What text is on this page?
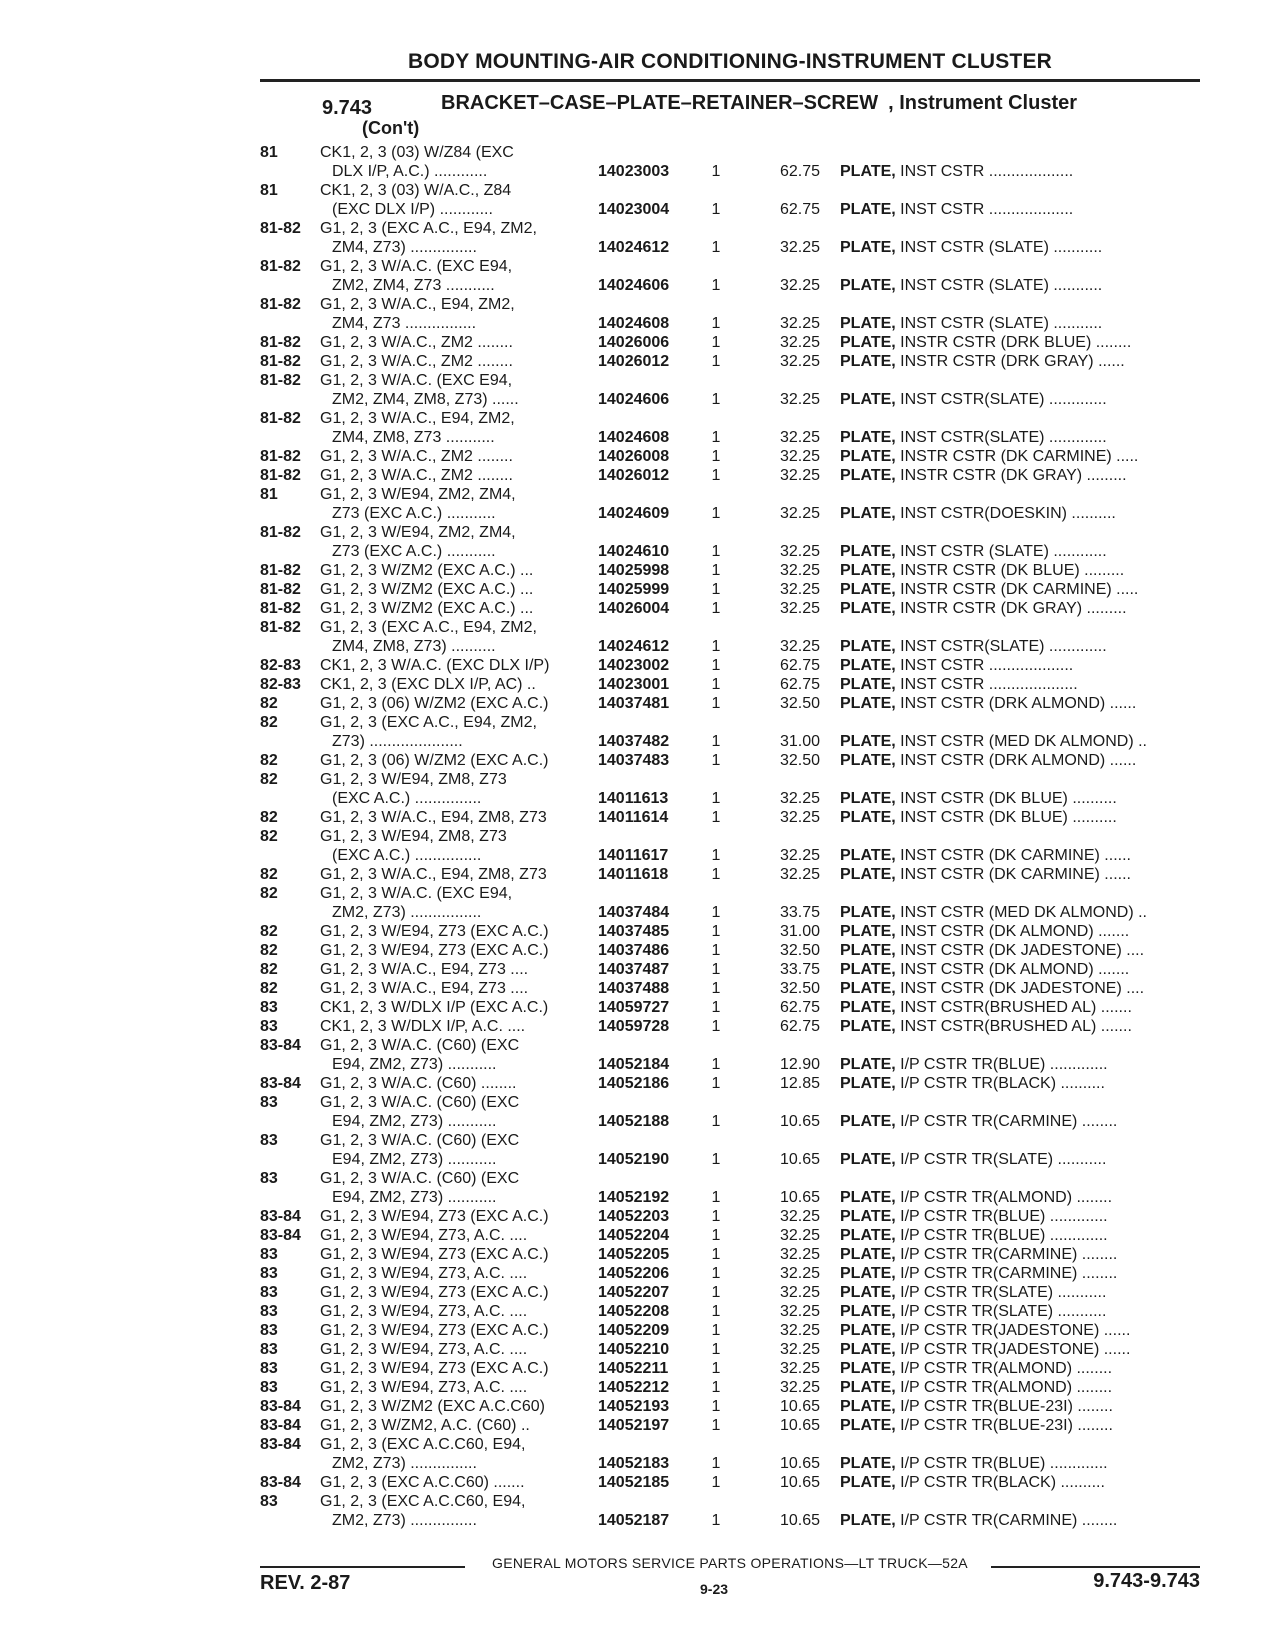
BODY MOUNTING-AIR CONDITIONING-INSTRUMENT CLUSTER
9.743	BRACKET–CASE–PLATE–RETAINER–SCREW , Instrument Cluster
(Con't)
81	CK1, 2, 3 (03) W/Z84 (EXC
DLX I/P, A.C.) ............	14023003	1	62.75 PLATE, INST CSTR ...................
81	CK1, 2, 3 (03) W/A.C., Z84
(EXC DLX I/P) ............	14023004	1	62.75 PLATE, INST CSTR ...................
81-82	G1, 2, 3 (EXC A.C., E94, ZM2,
ZM4, Z73) ...............	14024612	1	32.25 PLATE, INST CSTR (SLATE) ...........
81-82	G1, 2, 3 W/A.C. (EXC E94,
ZM2, ZM4, Z73 ...........	14024606	1	32.25 PLATE, INST CSTR (SLATE) ...........
81-82	G1, 2, 3 W/A.C., E94, ZM2,
ZM4, Z73 ................	14024608	1	32.25 PLATE, INST CSTR (SLATE) ...........
81-82	G1, 2, 3 W/A.C., ZM2 ........	14026006	1	32.25 PLATE, INSTR CSTR (DRK BLUE) ........
81-82	G1, 2, 3 W/A.C., ZM2 ........	14026012	1	32.25 PLATE, INSTR CSTR (DRK GRAY) ......
81-82	G1, 2, 3 W/A.C. (EXC E94,
ZM2, ZM4, ZM8, Z73) ......	14024606	1	32.25 PLATE, INST CSTR(SLATE) .............
81-82	G1, 2, 3 W/A.C., E94, ZM2,
ZM4, ZM8, Z73 ...........	14024608	1	32.25 PLATE, INST CSTR(SLATE) .............
81-82	G1, 2, 3 W/A.C., ZM2 ........	14026008	1	32.25 PLATE, INSTR CSTR (DK CARMINE) .....
81-82	G1, 2, 3 W/A.C., ZM2 ........	14026012	1	32.25 PLATE, INSTR CSTR (DK GRAY) .........
81	G1, 2, 3 W/E94, ZM2, ZM4,
Z73 (EXC A.C.) ...........	14024609	1	32.25 PLATE, INST CSTR(DOESKIN) ..........
81-82	G1, 2, 3 W/E94, ZM2, ZM4,
Z73 (EXC A.C.) ...........	14024610	1	32.25 PLATE, INST CSTR (SLATE) ............
81-82	G1, 2, 3 W/ZM2 (EXC A.C.) ...	14025998	1	32.25 PLATE, INSTR CSTR (DK BLUE) .........
81-82	G1, 2, 3 W/ZM2 (EXC A.C.) ...	14025999	1	32.25 PLATE, INSTR CSTR (DK CARMINE) .....
81-82	G1, 2, 3 W/ZM2 (EXC A.C.) ...	14026004	1	32.25 PLATE, INSTR CSTR (DK GRAY) .........
81-82	G1, 2, 3 (EXC A.C., E94, ZM2,
ZM4, ZM8, Z73) ..........	14024612	1	32.25 PLATE, INST CSTR(SLATE) .............
82-83	CK1, 2, 3 W/A.C. (EXC DLX I/P)	14023002	1	62.75 PLATE, INST CSTR ...................
82-83	CK1, 2, 3 (EXC DLX I/P, AC) ..	14023001	1	62.75 PLATE, INST CSTR ....................
82	G1, 2, 3 (06) W/ZM2 (EXC A.C.)	14037481	1	32.50 PLATE, INST CSTR (DRK ALMOND) ......
82	G1, 2, 3 (EXC A.C., E94, ZM2,
Z73) .....................	14037482	1	31.00 PLATE, INST CSTR (MED DK ALMOND) ..
82	G1, 2, 3 (06) W/ZM2 (EXC A.C.)	14037483	1	32.50 PLATE, INST CSTR (DRK ALMOND) ......
82	G1, 2, 3 W/E94, ZM8, Z73
(EXC A.C.) ...............	14011613	1	32.25 PLATE, INST CSTR (DK BLUE) ..........
82	G1, 2, 3 W/A.C., E94, ZM8, Z73	14011614	1	32.25 PLATE, INST CSTR (DK BLUE) ..........
82	G1, 2, 3 W/E94, ZM8, Z73
(EXC A.C.) ...............	14011617	1	32.25 PLATE, INST CSTR (DK CARMINE) ......
82	G1, 2, 3 W/A.C., E94, ZM8, Z73	14011618	1	32.25 PLATE, INST CSTR (DK CARMINE) ......
82	G1, 2, 3 W/A.C. (EXC E94,
ZM2, Z73) ................	14037484	1	33.75 PLATE, INST CSTR (MED DK ALMOND) ..
82	G1, 2, 3 W/E94, Z73 (EXC A.C.)	14037485	1	31.00 PLATE, INST CSTR (DK ALMOND) .......
82	G1, 2, 3 W/E94, Z73 (EXC A.C.)	14037486	1	32.50 PLATE, INST CSTR (DK JADESTONE) ....
82	G1, 2, 3 W/A.C., E94, Z73 ....	14037487	1	33.75 PLATE, INST CSTR (DK ALMOND) .......
82	G1, 2, 3 W/A.C., E94, Z73 ....	14037488	1	32.50 PLATE, INST CSTR (DK JADESTONE) ....
83	CK1, 2, 3 W/DLX I/P (EXC A.C.)	14059727	1	62.75 PLATE, INST CSTR(BRUSHED AL) .......
83	CK1, 2, 3 W/DLX I/P, A.C. ....	14059728	1	62.75 PLATE, INST CSTR(BRUSHED AL) .......
83-84	G1, 2, 3 W/A.C. (C60) (EXC
E94, ZM2, Z73) ...........	14052184	1	12.90 PLATE, I/P CSTR TR(BLUE) .............
83-84	G1, 2, 3 W/A.C. (C60) ........	14052186	1	12.85 PLATE, I/P CSTR TR(BLACK) ..........
83	G1, 2, 3 W/A.C. (C60) (EXC
E94, ZM2, Z73) ...........	14052188	1	10.65 PLATE, I/P CSTR TR(CARMINE) ........
83	G1, 2, 3 W/A.C. (C60) (EXC
E94, ZM2, Z73) ...........	14052190	1	10.65 PLATE, I/P CSTR TR(SLATE) ...........
83	G1, 2, 3 W/A.C. (C60) (EXC
E94, ZM2, Z73) ...........	14052192	1	10.65 PLATE, I/P CSTR TR(ALMOND) ........
83-84	G1, 2, 3 W/E94, Z73 (EXC A.C.)	14052203	1	32.25 PLATE, I/P CSTR TR(BLUE) .............
83-84	G1, 2, 3 W/E94, Z73, A.C. ....	14052204	1	32.25 PLATE, I/P CSTR TR(BLUE) .............
83	G1, 2, 3 W/E94, Z73 (EXC A.C.)	14052205	1	32.25 PLATE, I/P CSTR TR(CARMINE) ........
83	G1, 2, 3 W/E94, Z73, A.C. ....	14052206	1	32.25 PLATE, I/P CSTR TR(CARMINE) ........
83	G1, 2, 3 W/E94, Z73 (EXC A.C.)	14052207	1	32.25 PLATE, I/P CSTR TR(SLATE) ...........
83	G1, 2, 3 W/E94, Z73, A.C. ....	14052208	1	32.25 PLATE, I/P CSTR TR(SLATE) ...........
83	G1, 2, 3 W/E94, Z73 (EXC A.C.)	14052209	1	32.25 PLATE, I/P CSTR TR(JADESTONE) ......
83	G1, 2, 3 W/E94, Z73, A.C. ....	14052210	1	32.25 PLATE, I/P CSTR TR(JADESTONE) ......
83	G1, 2, 3 W/E94, Z73 (EXC A.C.)	14052211	1	32.25 PLATE, I/P CSTR TR(ALMOND) ........
83	G1, 2, 3 W/E94, Z73, A.C. ....	14052212	1	32.25 PLATE, I/P CSTR TR(ALMOND) ........
83-84	G1, 2, 3 W/ZM2 (EXC A.C.C60)	14052193	1	10.65 PLATE, I/P CSTR TR(BLUE-23I) ........
83-84	G1, 2, 3 W/ZM2, A.C. (C60) ..	14052197	1	10.65 PLATE, I/P CSTR TR(BLUE-23I) ........
83-84	G1, 2, 3 (EXC A.C.C60, E94,
ZM2, Z73) ...............	14052183	1	10.65 PLATE, I/P CSTR TR(BLUE) .............
83-84	G1, 2, 3 (EXC A.C.C60) .......	14052185	1	10.65 PLATE, I/P CSTR TR(BLACK) ..........
83	G1, 2, 3 (EXC A.C.C60, E94,
ZM2, Z73) ...............	14052187	1	10.65 PLATE, I/P CSTR TR(CARMINE) ........
GENERAL MOTORS SERVICE PARTS OPERATIONS—LT TRUCK—52A
REV. 2-87	9-23	9.743-9.743
